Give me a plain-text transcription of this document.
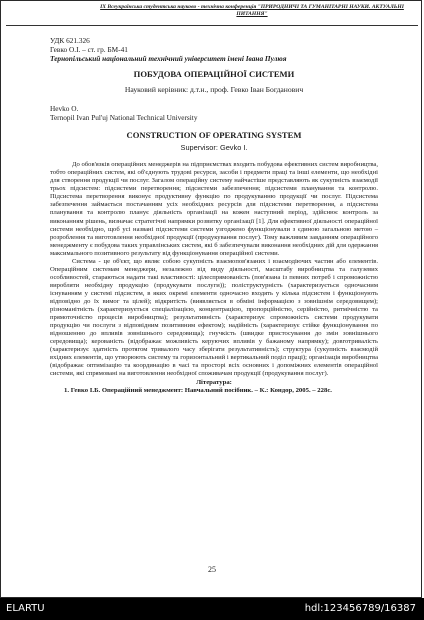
IX Всеукраїнська студентська науково - технічна конференція "ПРИРОДНИЧІ ТА ГУМАНІТАРНІ НАУКИ. АКТУАЛЬНІ ПИТАННЯ"

УДК 621.326

Гевко О.І. – ст. гр. БМ-41

Тернопільський національний технічний університет імені Івана Пулюя

ПОБУДОВА ОПЕРАЦІЙНОЇ СИСТЕМИ
Науковий керівник: д.т.н., проф. Гевко Іван Богданович

Hevko O.

Ternopil Ivan Pul'uj National Technical University

CONSTRUCTION OF OPERATING SYSTEM
Supervisor: Gevko I.

До обов'язків операційних менеджерів на підприємствах входить побудова ефективних систем виробництва, тобто операційних систем, які об'єднують трудові ресурси, засоби і предмети праці та інші елементи, що необхідні для створення продукції чи послуг. Загалом операційну систему найчастіше представляють як сукупність взаємодії трьох підсистем: підсистеми перетворення; підсистеми забезпечення; підсистеми планування та контролю. Підсистема перетворення виконує продуктивну функцію по продукуванню продукції чи послуг. Підсистема забезпечення займається постачанням усіх необхідних ресурсів для підсистеми перетворення, а підсистема планування та контролю планує діяльність організації на кожен наступний період, здійснює контроль за виконанням рішень, визначає стратегічні напрямки розвитку організації [1]. Для ефективної діяльності операційної системи необхідно, щоб усі названі підсистеми системи узгоджено функціонували з єдиною загальною метою – розроблення та виготовлення необхідної продукції (продукування послуг). Тому важливим завданням операційного менеджменту є побудова таких управлінських систем, які б забезпечували виконання необхідних дій для одержання максимального позитивного результату від функціонування операційної системи.

Система - це об'єкт, що являє собою сукупність взаємопов'язаних і взаємодіючих частин або елементів. Операційним системам менеджери, незалежно від виду діяльності, масштабу виробництва та галузевих особливостей, стараються надати такі властивості: цілеспрямованість (пов'язана із певних потреб і спроможністю виробляти необхідну продукцію (продукувати послуги)); поліструктурність (характеризується одночасним існуванням у системі підсистем, в яких окремі елементи одночасно входять у кілька підсистем і функціонують відповідно до їх вимог та цілей); відкритість (виявляється в обміні інформацією з зовнішнім середовищем); різноманітність (характеризується спеціалізацією, концентрацією, пропорційністю, серійністю, ритмічністю та прямоточністю процесів виробництва); результативність (характеризує спроможність системи продукувати продукцію чи послуги з відповідним позитивним ефектом); надійність (характеризує стійке функціонування по відношенню до впливів зовнішнього середовища); гнучкість (швидке пристосування до змін зовнішнього середовища); керованість (відображає можливість керуючих впливів у бажаному напрямку); довготривалість (характеризує здатність протягом тривалого часу зберігати результативність); структура (сукупність взаємодій вхідних елементів, що утворюють систему та горизонтальний і вертикальний поділ праці); організація виробництва (відображає оптимізацію та координацію в часі та просторі всіх основних і допоміжних елементів операційної системи, які спрямовані на виготовлення необхідної споживачам продукції (продукування послуг).

Література:
1. Гевко І.Б. Операційний менеджмент: Навчальний посібник. – К.: Кондор, 2005. – 228с.
25
ELARTU	hdl:123456789/16387
